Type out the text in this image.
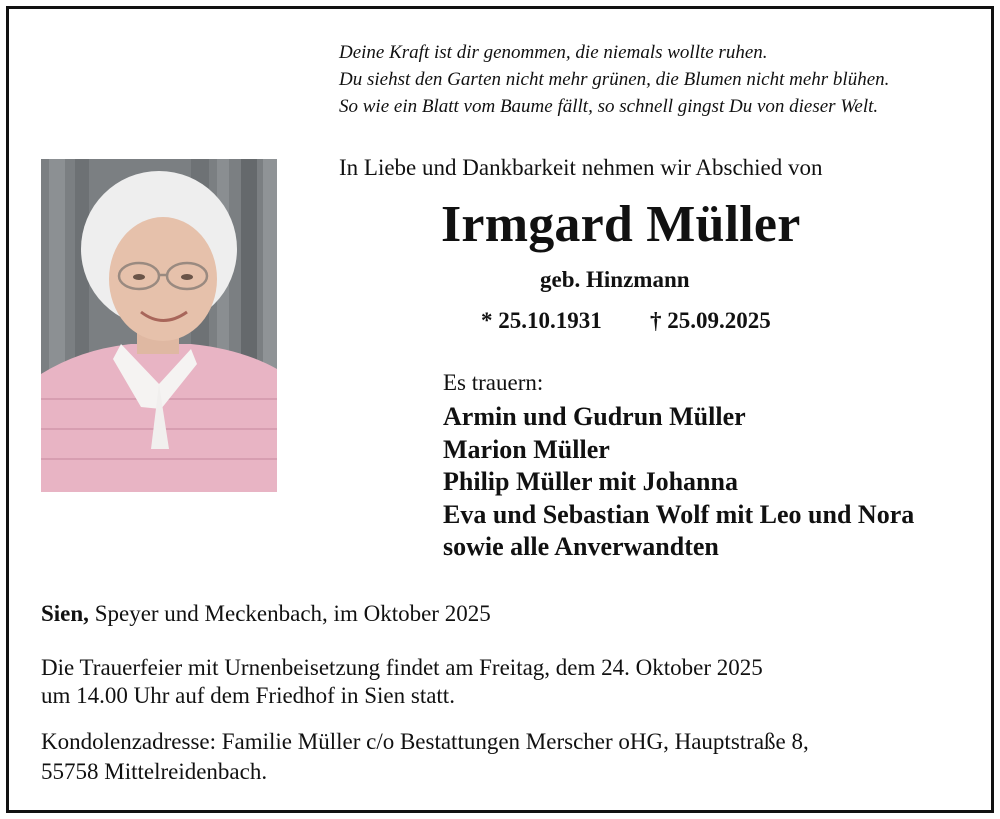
Deine Kraft ist dir genommen, die niemals wollte ruhen.
Du siehst den Garten nicht mehr grünen, die Blumen nicht mehr blühen.
So wie ein Blatt vom Baume fällt, so schnell gingst Du von dieser Welt.
In Liebe und Dankbarkeit nehmen wir Abschied von
Irmgard Müller
geb. Hinzmann
* 25.10.1931 † 25.09.2025
Es trauern:
Armin und Gudrun Müller
Marion Müller
Philip Müller mit Johanna
Eva und Sebastian Wolf mit Leo und Nora
sowie alle Anverwandten
Sien, Speyer und Meckenbach, im Oktober 2025
Die Trauerfeier mit Urnenbeisetzung findet am Freitag, dem 24. Oktober 2025
um 14.00 Uhr auf dem Friedhof in Sien statt.
Kondolenzadresse: Familie Müller c/o Bestattungen Merscher oHG, Hauptstraße 8,
55758 Mittelreidenbach.
